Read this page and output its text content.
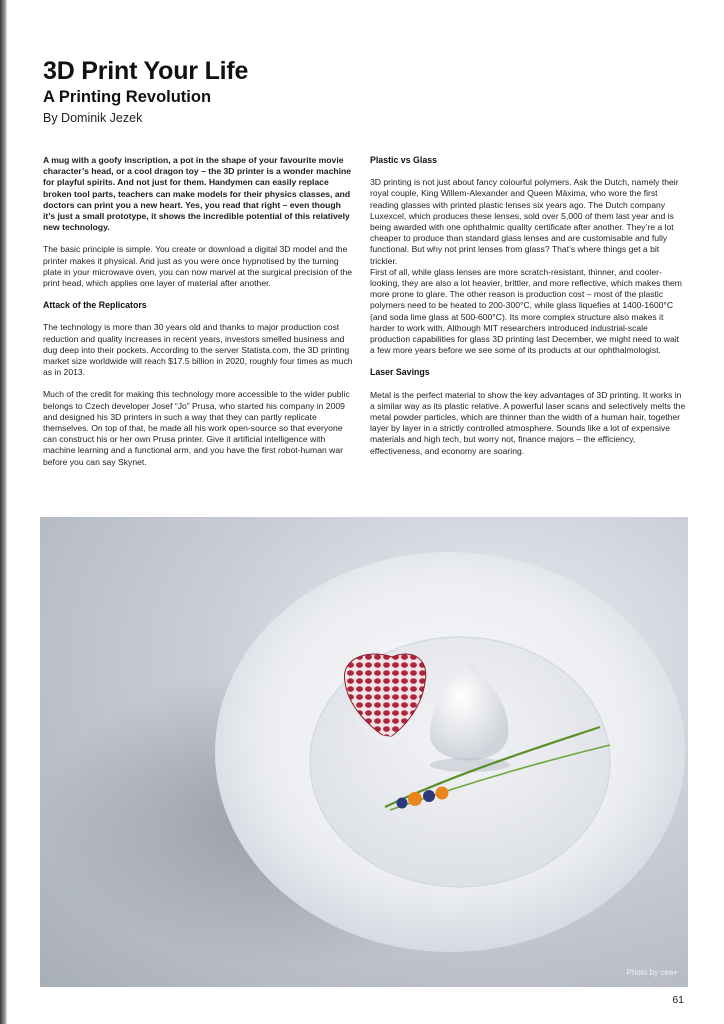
3D Print Your Life
A Printing Revolution

By Dominik Jezek

A mug with a goofy inscription, a pot in the shape of your favourite movie character’s head, or a cool dragon toy – the 3D printer is a wonder machine for playful spirits. And not just for them. Handymen can easily replace broken tool parts, teachers can make models for their physics classes, and doctors can print you a new heart. Yes, you read that right – even though it’s just a small prototype, it shows the incredible potential of this relatively new technology.

The basic principle is simple. You create or download a digital 3D model and the printer makes it physical. And just as you were once hypnotised by the turning plate in your microwave oven, you can now marvel at the surgical precision of the print head, which applies one layer of material after another.

Attack of the Replicators

The technology is more than 30 years old and thanks to major production cost reduction and quality increases in recent years, investors smelled business and dug deep into their pockets. According to the server Statista.com, the 3D printing market size worldwide will reach $17.5 billion in 2020, roughly four times as much as in 2013.

Much of the credit for making this technology more accessible to the wider public belongs to Czech developer Josef “Jo” Prusa, who started his company in 2009 and designed his 3D printers in such a way that they can partly replicate themselves. On top of that, he made all his work open-source so that everyone can construct his or her own Prusa printer. Give it artificial intelligence with machine learning and a functional arm, and you have the first robot-human war before you can say Skynet.

Plastic vs Glass

3D printing is not just about fancy colourful polymers. Ask the Dutch, namely their royal couple, King Willem-Alexander and Queen Máxima, who wore the first reading glasses with printed plastic lenses six years ago. The Dutch company Luxexcel, which produces these lenses, sold over 5,000 of them last year and is being awarded with one ophthalmic quality certificate after another. They’re a lot cheaper to produce than standard glass lenses and are customisable and fully functional. But why not print lenses from glass? That’s where things get a bit trickier.

First of all, while glass lenses are more scratch-resistant, thinner, and cooler-looking, they are also a lot heavier, brittler, and more reflective, which makes them more prone to glare. The other reason is production cost – most of the plastic polymers need to be heated to 200-300°C, while glass liquefies at 1400-1600°C (and soda lime glass at 500-600°C). Its more complex structure also makes it harder to work with. Although MIT researchers introduced industrial-scale production capabilities for glass 3D printing last December, we might need to wait a few more years before we see some of its products at our ophthalmologist.

Laser Savings

Metal is the perfect material to show the key advantages of 3D printing. It works in a similar way as its plastic relative. A powerful laser scans and selectively melts the metal powder particles, which are thinner than the width of a human hair, together layer by layer in a strictly controlled atmosphere. Sounds like a lot of expensive materials and high tech, but worry not, finance majors – the efficiency, effectiveness, and economy are soaring.

Photo by cea+
61
